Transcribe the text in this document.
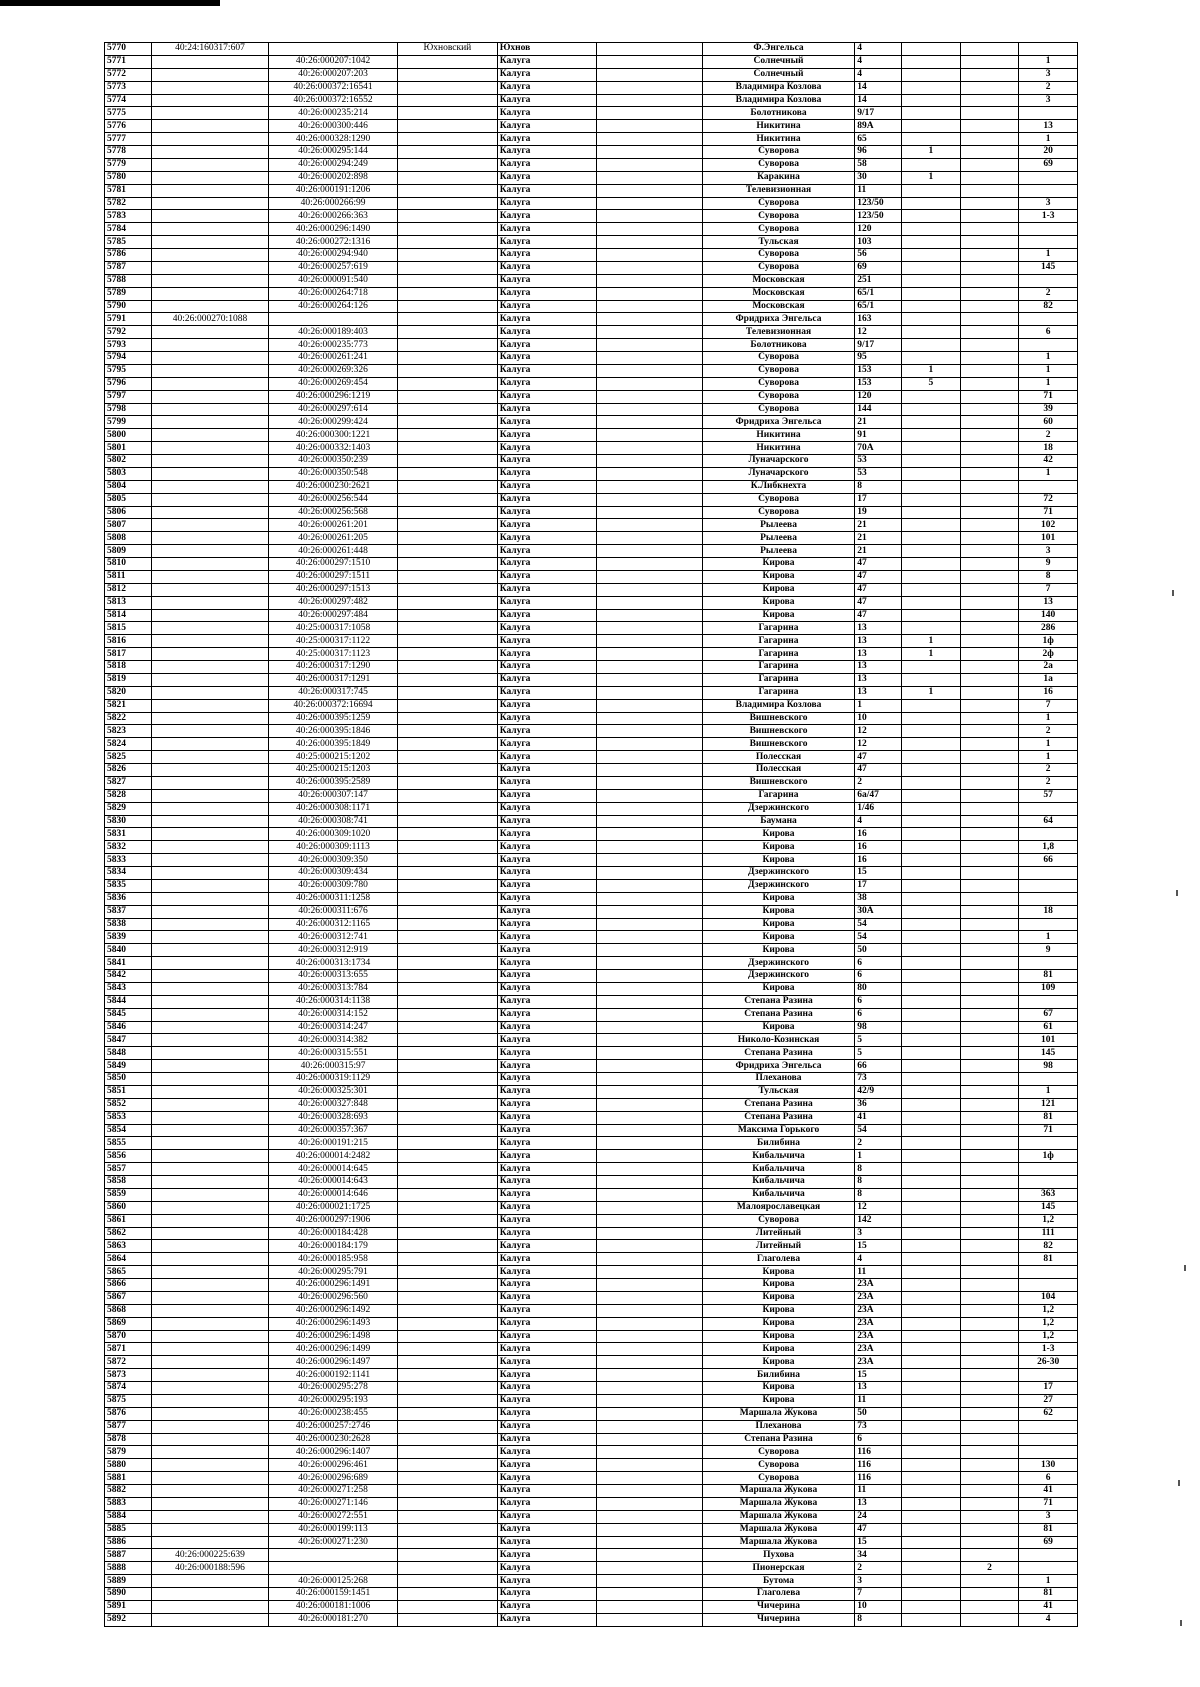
5770	40:24:160317:607		Юхновский	Юхнов		Ф.Энгельса	4			
5771		40:26:000207:1042		Калуга		Солнечный	4			1
5772		40:26:000207:203		Калуга		Солнечный	4			3
5773		40:26:000372:16541		Калуга		Владимира Козлова	14			2
5774		40:26:000372:16552		Калуга		Владимира Козлова	14			3
5775		40:26:000235:214		Калуга		Болотникова	9/17			
5776		40:26:000300:446		Калуга		Никитина	89А			13
5777		40:26:000328:1290		Калуга		Никитина	65			1
5778		40:26:000295:144		Калуга		Суворова	96	1		20
5779		40:26:000294:249		Калуга		Суворова	58			69
5780		40:26:000202:898		Калуга		Каракина	30	1		
5781		40:26:000191:1206		Калуга		Телевизионная	11			
5782		40:26:000266:99		Калуга		Суворова	123/50			3
5783		40:26:000266:363		Калуга		Суворова	123/50			1-3
5784		40:26:000296:1490		Калуга		Суворова	120			
5785		40:26:000272:1316		Калуга		Тульская	103			
5786		40:26:000294:940		Калуга		Суворова	56			1
5787		40:26:000257:619		Калуга		Суворова	69			145
5788		40:26:000091:540		Калуга		Московская	251			
5789		40:26:000264:718		Калуга		Московская	65/1			2
5790		40:26:000264:126		Калуга		Московская	65/1			82
5791	40:26:000270:1088			Калуга		Фридриха Энгельса	163			
5792		40:26:000189:403		Калуга		Телевизионная	12			6
5793		40:26:000235:773		Калуга		Болотникова	9/17			
5794		40:26:000261:241		Калуга		Суворова	95			1
5795		40:26:000269:326		Калуга		Суворова	153	1		1
5796		40:26:000269:454		Калуга		Суворова	153	5		1
5797		40:26:000296:1219		Калуга		Суворова	120			71
5798		40:26:000297:614		Калуга		Суворова	144			39
5799		40:26:000299:424		Калуга		Фридриха Энгельса	21			60
5800		40:26:000300:1221		Калуга		Никитина	91			2
5801		40:26:000332:1403		Калуга		Никитина	70А			18
5802		40:26:000350:239		Калуга		Луначарского	53			42
5803		40:26:000350:548		Калуга		Луначарского	53			1
5804		40:26:000230:2621		Калуга		К.Либкнехта	8			
5805		40:26:000256:544		Калуга		Суворова	17			72
5806		40:26:000256:568		Калуга		Суворова	19			71
5807		40:26:000261:201		Калуга		Рылеева	21			102
5808		40:26:000261:205		Калуга		Рылеева	21			101
5809		40:26:000261:448		Калуга		Рылеева	21			3
5810		40:26:000297:1510		Калуга		Кирова	47			9
5811		40:26:000297:1511		Калуга		Кирова	47			8
5812		40:26:000297:1513		Калуга		Кирова	47			7
5813		40:26:000297:482		Калуга		Кирова	47			13
5814		40:26:000297:484		Калуга		Кирова	47			140
5815		40:25:000317:1058		Калуга		Гагарина	13			286
5816		40:25:000317:1122		Калуга		Гагарина	13	1		1ф
5817		40:25:000317:1123		Калуга		Гагарина	13	1		2ф
5818		40:26:000317:1290		Калуга		Гагарина	13			2а
5819		40:26:000317:1291		Калуга		Гагарина	13			1а
5820		40:26:000317:745		Калуга		Гагарина	13	1		16
5821		40:26:000372:16694		Калуга		Владимира Козлова	1			7
5822		40:26:000395:1259		Калуга		Вишневского	10			1
5823		40:26:000395:1846		Калуга		Вишневского	12			2
5824		40:26:000395:1849		Калуга		Вишневского	12			1
5825		40:25:000215:1202		Калуга		Полесская	47			1
5826		40:25:000215:1203		Калуга		Полесская	47			2
5827		40:26:000395:2589		Калуга		Вишневского	2			2
5828		40:26:000307:147		Калуга		Гагарина	6а/47			57
5829		40:26:000308:1171		Калуга		Дзержинского	1/46			
5830		40:26:000308:741		Калуга		Баумана	4			64
5831		40:26:000309:1020		Калуга		Кирова	16			
5832		40:26:000309:1113		Калуга		Кирова	16			1,8
5833		40:26:000309:350		Калуга		Кирова	16			66
5834		40:26:000309:434		Калуга		Дзержинского	15			
5835		40:26:000309:780		Калуга		Дзержинского	17			
5836		40:26:000311:1258		Калуга		Кирова	38			
5837		40:26:000311:676		Калуга		Кирова	30А			18
5838		40:26:000312:1165		Калуга		Кирова	54			
5839		40:26:000312:741		Калуга		Кирова	54			1
5840		40:26:000312:919		Калуга		Кирова	50			9
5841		40:26:000313:1734		Калуга		Дзержинского	6			
5842		40:26:000313:655		Калуга		Дзержинского	6			81
5843		40:26:000313:784		Калуга		Кирова	80			109
5844		40:26:000314:1138		Калуга		Степана Разина	6			
5845		40:26:000314:152		Калуга		Степана Разина	6			67
5846		40:26:000314:247		Калуга		Кирова	98			61
5847		40:26:000314:382		Калуга		Николо-Козинская	5			101
5848		40:26:000315:551		Калуга		Степана Разина	5			145
5849		40:26:000315:97		Калуга		Фридриха Энгельса	66			98
5850		40:26:000319:1129		Калуга		Плеханова	73			
5851		40:26:000325:301		Калуга		Тульская	42/9			1
5852		40:26:000327:848		Калуга		Степана Разина	36			121
5853		40:26:000328:693		Калуга		Степана Разина	41			81
5854		40:26:000357:367		Калуга		Максима Горького	54			71
5855		40:26:000191:215		Калуга		Билибина	2			
5856		40:26:000014:2482		Калуга		Кибальчича	1			1ф
5857		40:26:000014:645		Калуга		Кибальчича	8			
5858		40:26:000014:643		Калуга		Кибальчича	8			
5859		40:26:000014:646		Калуга		Кибальчича	8			363
5860		40:26:000021:1725		Калуга		Малоярославецкая	12			145
5861		40:26:000297:1906		Калуга		Суворова	142			1,2
5862		40:26:000184:428		Калуга		Литейный	3			111
5863		40:26:000184:179		Калуга		Литейный	15			82
5864		40:26:000185:958		Калуга		Глаголева	4			81
5865		40:26:000295:791		Калуга		Кирова	11			
5866		40:26:000296:1491		Калуга		Кирова	23А			
5867		40:26:000296:560		Калуга		Кирова	23А			104
5868		40:26:000296:1492		Калуга		Кирова	23А			1,2
5869		40:26:000296:1493		Калуга		Кирова	23А			1,2
5870		40:26:000296:1498		Калуга		Кирова	23А			1,2
5871		40:26:000296:1499		Калуга		Кирова	23А			1-3
5872		40:26:000296:1497		Калуга		Кирова	23А			26-30
5873		40:26:000192:1141		Калуга		Билибина	15			
5874		40:26:000295:278		Калуга		Кирова	13			17
5875		40:26:000295:193		Калуга		Кирова	11			27
5876		40:26:000238:455		Калуга		Маршала Жукова	50			62
5877		40:26:000257:2746		Калуга		Плеханова	73			
5878		40:26:000230:2628		Калуга		Степана Разина	6			
5879		40:26:000296:1407		Калуга		Суворова	116			
5880		40:26:000296:461		Калуга		Суворова	116			130
5881		40:26:000296:689		Калуга		Суворова	116			6
5882		40:26:000271:258		Калуга		Маршала Жукова	11			41
5883		40:26:000271:146		Калуга		Маршала Жукова	13			71
5884		40:26:000272:551		Калуга		Маршала Жукова	24			3
5885		40:26:000199:113		Калуга		Маршала Жукова	47			81
5886		40:26:000271:230		Калуга		Маршала Жукова	15			69
5887	40:26:000225:639			Калуга		Пухова	34			
5888	40:26:000188:596			Калуга		Пионерская	2		2	
5889		40:26:000125:268		Калуга		Бутома	3			1
5890		40:26:000159:1451		Калуга		Глаголева	7			81
5891		40:26:000181:1006		Калуга		Чичерина	10			41
5892		40:26:000181:270		Калуга		Чичерина	8			4
